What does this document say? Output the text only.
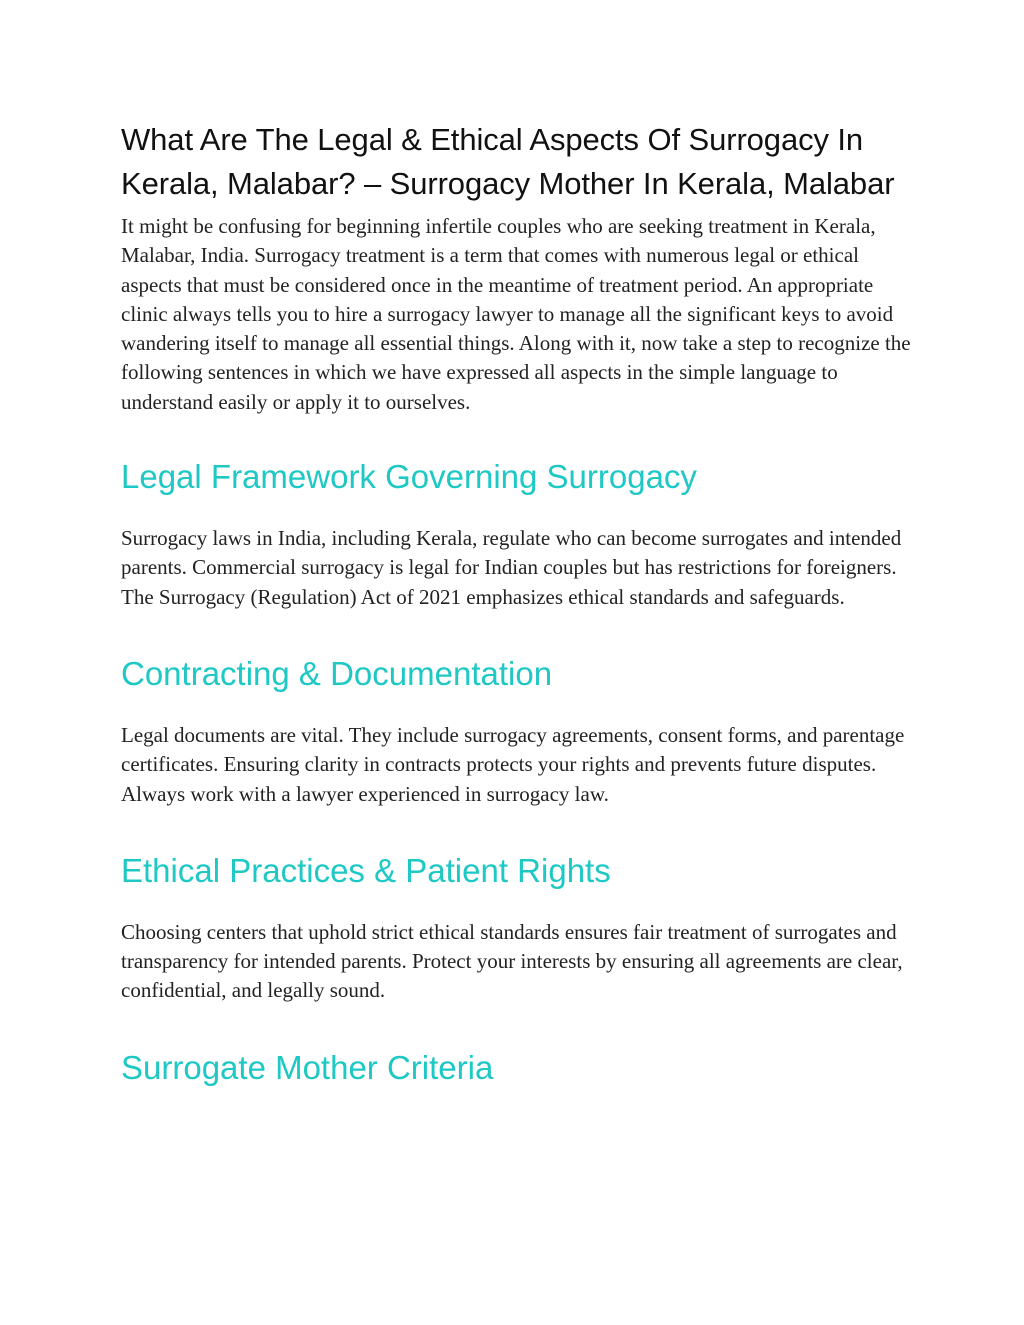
What Are The Legal & Ethical Aspects Of Surrogacy In Kerala, Malabar? – Surrogacy Mother In Kerala, Malabar

It might be confusing for beginning infertile couples who are seeking treatment in Kerala, Malabar, India. Surrogacy treatment is a term that comes with numerous legal or ethical aspects that must be considered once in the meantime of treatment period. An appropriate clinic always tells you to hire a surrogacy lawyer to manage all the significant keys to avoid wandering itself to manage all essential things. Along with it, now take a step to recognize the following sentences in which we have expressed all aspects in the simple language to understand easily or apply it to ourselves.

Legal Framework Governing Surrogacy

Surrogacy laws in India, including Kerala, regulate who can become surrogates and intended parents. Commercial surrogacy is legal for Indian couples but has restrictions for foreigners. The Surrogacy (Regulation) Act of 2021 emphasizes ethical standards and safeguards.

Contracting & Documentation

Legal documents are vital. They include surrogacy agreements, consent forms, and parentage certificates. Ensuring clarity in contracts protects your rights and prevents future disputes. Always work with a lawyer experienced in surrogacy law.

Ethical Practices & Patient Rights

Choosing centers that uphold strict ethical standards ensures fair treatment of surrogates and transparency for intended parents. Protect your interests by ensuring all agreements are clear, confidential, and legally sound.

Surrogate Mother Criteria
